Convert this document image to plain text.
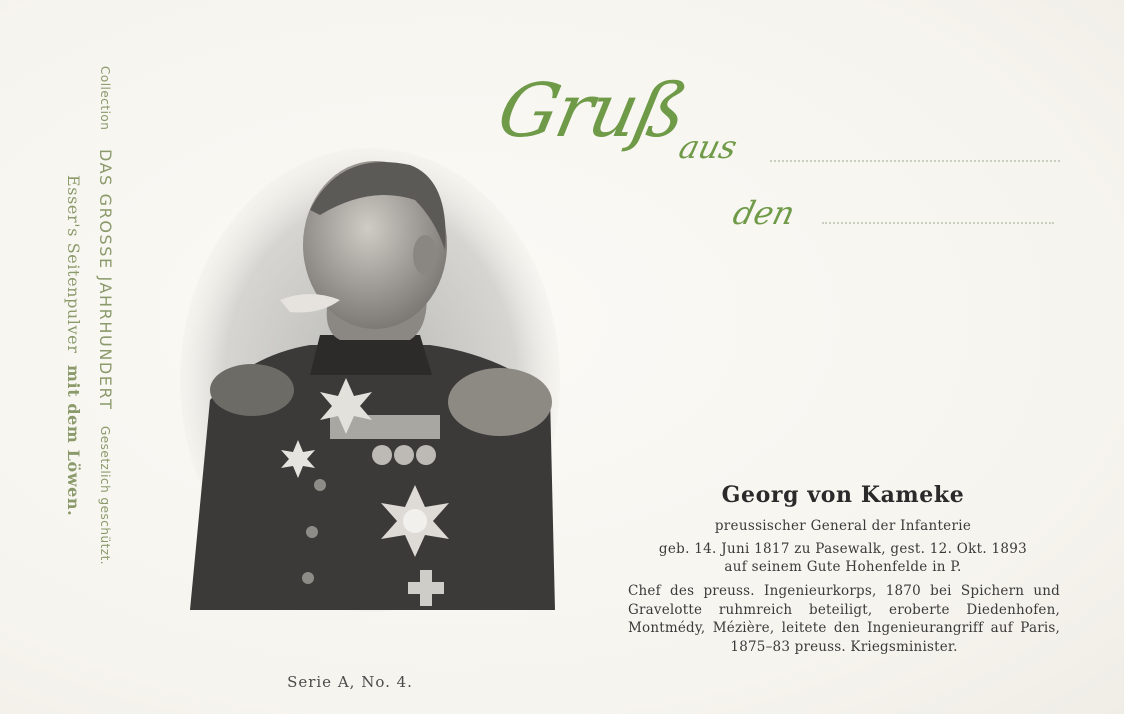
Collection DAS GROSSE JAHRHUNDERT Gesetzlich geschützt.
Esser's Seitenpulver mit dem Löwen.
Gruß
aus
den
Georg von Kameke
preussischer General der Infanterie
geb. 14. Juni 1817 zu Pasewalk, gest. 12. Okt. 1893
auf seinem Gute Hohenfelde in P.
Chef des preuss. Ingenieurkorps, 1870 bei Spichern und Gravelotte ruhmreich beteiligt, eroberte Diedenhofen, Montmédy, Mézière, leitete den Ingenieurangriff auf Paris, 1875–83 preuss. Kriegsminister.
Serie A, No. 4.
